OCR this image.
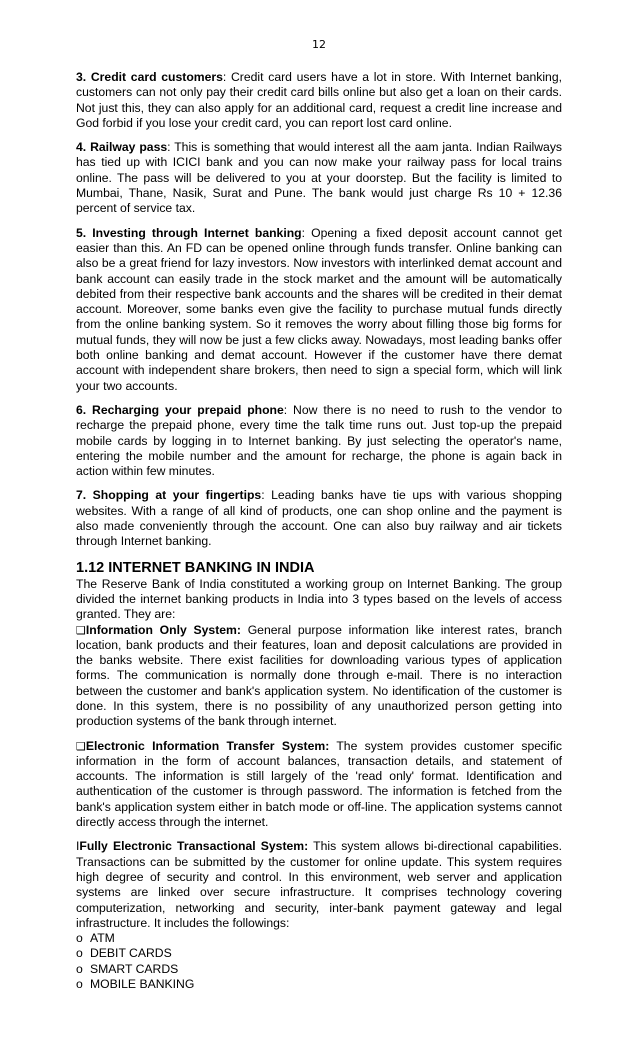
12

3. Credit card customers: Credit card users have a lot in store. With Internet banking, customers can not only pay their credit card bills online but also get a loan on their cards. Not just this, they can also apply for an additional card, request a credit line increase and God forbid if you lose your credit card, you can report lost card online.

4. Railway pass: This is something that would interest all the aam janta. Indian Railways has tied up with ICICI bank and you can now make your railway pass for local trains online. The pass will be delivered to you at your doorstep. But the facility is limited to Mumbai, Thane, Nasik, Surat and Pune. The bank would just charge Rs 10 + 12.36 percent of service tax.

5. Investing through Internet banking: Opening a fixed deposit account cannot get easier than this. An FD can be opened online through funds transfer. Online banking can also be a great friend for lazy investors. Now investors with interlinked demat account and bank account can easily trade in the stock market and the amount will be automatically debited from their respective bank accounts and the shares will be credited in their demat account. Moreover, some banks even give the facility to purchase mutual funds directly from the online banking system. So it removes the worry about filling those big forms for mutual funds, they will now be just a few clicks away. Nowadays, most leading banks offer both online banking and demat account. However if the customer have there demat account with independent share brokers, then need to sign a special form, which will link your two accounts.

6. Recharging your prepaid phone: Now there is no need to rush to the vendor to recharge the prepaid phone, every time the talk time runs out. Just top-up the prepaid mobile cards by logging in to Internet banking. By just selecting the operator's name, entering the mobile number and the amount for recharge, the phone is again back in action within few minutes.

7. Shopping at your fingertips: Leading banks have tie ups with various shopping websites. With a range of all kind of products, one can shop online and the payment is also made conveniently through the account. One can also buy railway and air tickets through Internet banking.

1.12 INTERNET BANKING IN INDIA

The Reserve Bank of India constituted a working group on Internet Banking. The group divided the internet banking products in India into 3 types based on the levels of access granted. They are:

❑Information Only System: General purpose information like interest rates, branch location, bank products and their features, loan and deposit calculations are provided in the banks website. There exist facilities for downloading various types of application forms. The communication is normally done through e-mail. There is no interaction between the customer and bank's application system. No identification of the customer is done. In this system, there is no possibility of any unauthorized person getting into production systems of the bank through internet.

❑Electronic Information Transfer System: The system provides customer specific information in the form of account balances, transaction details, and statement of accounts. The information is still largely of the 'read only' format. Identification and authentication of the customer is through password. The information is fetched from the bank's application system either in batch mode or off-line. The application systems cannot directly access through the internet.

IFully Electronic Transactional System: This system allows bi-directional capabilities. Transactions can be submitted by the customer for online update. This system requires high degree of security and control. In this environment, web server and application systems are linked over secure infrastructure. It comprises technology covering computerization, networking and security, inter-bank payment gateway and legal infrastructure. It includes the followings:

o ATM
o DEBIT CARDS
o SMART CARDS
o MOBILE BANKING
